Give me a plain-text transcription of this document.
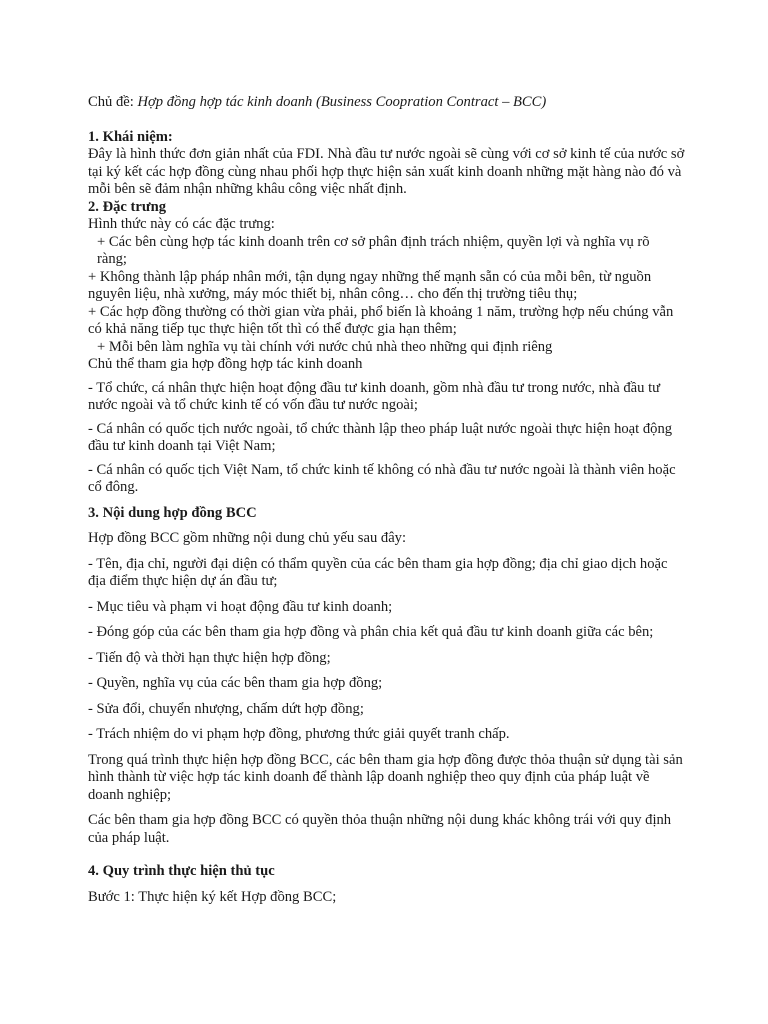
Chủ đề: Hợp đồng hợp tác kinh doanh (Business Coopration Contract – BCC)

1. Khái niệm:

Đây là hình thức đơn giản nhất của FDI. Nhà đầu tư nước ngoài sẽ cùng với cơ sở kinh tế của nước sở tại ký kết các hợp đồng cùng nhau phối hợp thực hiện sản xuất kinh doanh những mặt hàng nào đó và mỗi bên sẽ đảm nhận những khâu công việc nhất định.

2. Đặc trưng

Hình thức này có các đặc trưng:

+ Các bên cùng hợp tác kinh doanh trên cơ sở phân định trách nhiệm, quyền lợi và nghĩa vụ rõ

ràng;

+ Không thành lập pháp nhân mới, tận dụng ngay những thế mạnh sẵn có của mỗi bên, từ nguồn nguyên liệu, nhà xưởng, máy móc thiết bị, nhân công… cho đến thị trường tiêu thụ;

+ Các hợp đồng thường có thời gian vừa phải, phổ biến là khoảng 1 năm, trường hợp nếu chúng vẫn có khả năng tiếp tục thực hiện tốt thì có thể được gia hạn thêm;

+ Mỗi bên làm nghĩa vụ tài chính với nước chủ nhà theo những qui định riêng

Chủ thể tham gia hợp đồng hợp tác kinh doanh

- Tổ chức, cá nhân thực hiện hoạt động đầu tư kinh doanh, gồm nhà đầu tư trong nước, nhà đầu tư nước ngoài và tổ chức kinh tế có vốn đầu tư nước ngoài;

- Cá nhân có quốc tịch nước ngoài, tổ chức thành lập theo pháp luật nước ngoài thực hiện hoạt động đầu tư kinh doanh tại Việt Nam;

- Cá nhân có quốc tịch Việt Nam, tổ chức kinh tế không có nhà đầu tư nước ngoài là thành viên hoặc cổ đông.

3. Nội dung hợp đồng BCC

Hợp đồng BCC gồm những nội dung chủ yếu sau đây:

- Tên, địa chỉ, người đại diện có thẩm quyền của các bên tham gia hợp đồng; địa chỉ giao dịch hoặc địa điểm thực hiện dự án đầu tư;

- Mục tiêu và phạm vi hoạt động đầu tư kinh doanh;

- Đóng góp của các bên tham gia hợp đồng và phân chia kết quả đầu tư kinh doanh giữa các bên;

- Tiến độ và thời hạn thực hiện hợp đồng;

- Quyền, nghĩa vụ của các bên tham gia hợp đồng;

- Sửa đổi, chuyển nhượng, chấm dứt hợp đồng;

- Trách nhiệm do vi phạm hợp đồng, phương thức giải quyết tranh chấp.

Trong quá trình thực hiện hợp đồng BCC, các bên tham gia hợp đồng được thỏa thuận sử dụng tài sản hình thành từ việc hợp tác kinh doanh để thành lập doanh nghiệp theo quy định của pháp luật về doanh nghiệp;

Các bên tham gia hợp đồng BCC có quyền thỏa thuận những nội dung khác không trái với quy định của pháp luật.

4. Quy trình thực hiện thủ tục

Bước 1: Thực hiện ký kết Hợp đồng BCC;
